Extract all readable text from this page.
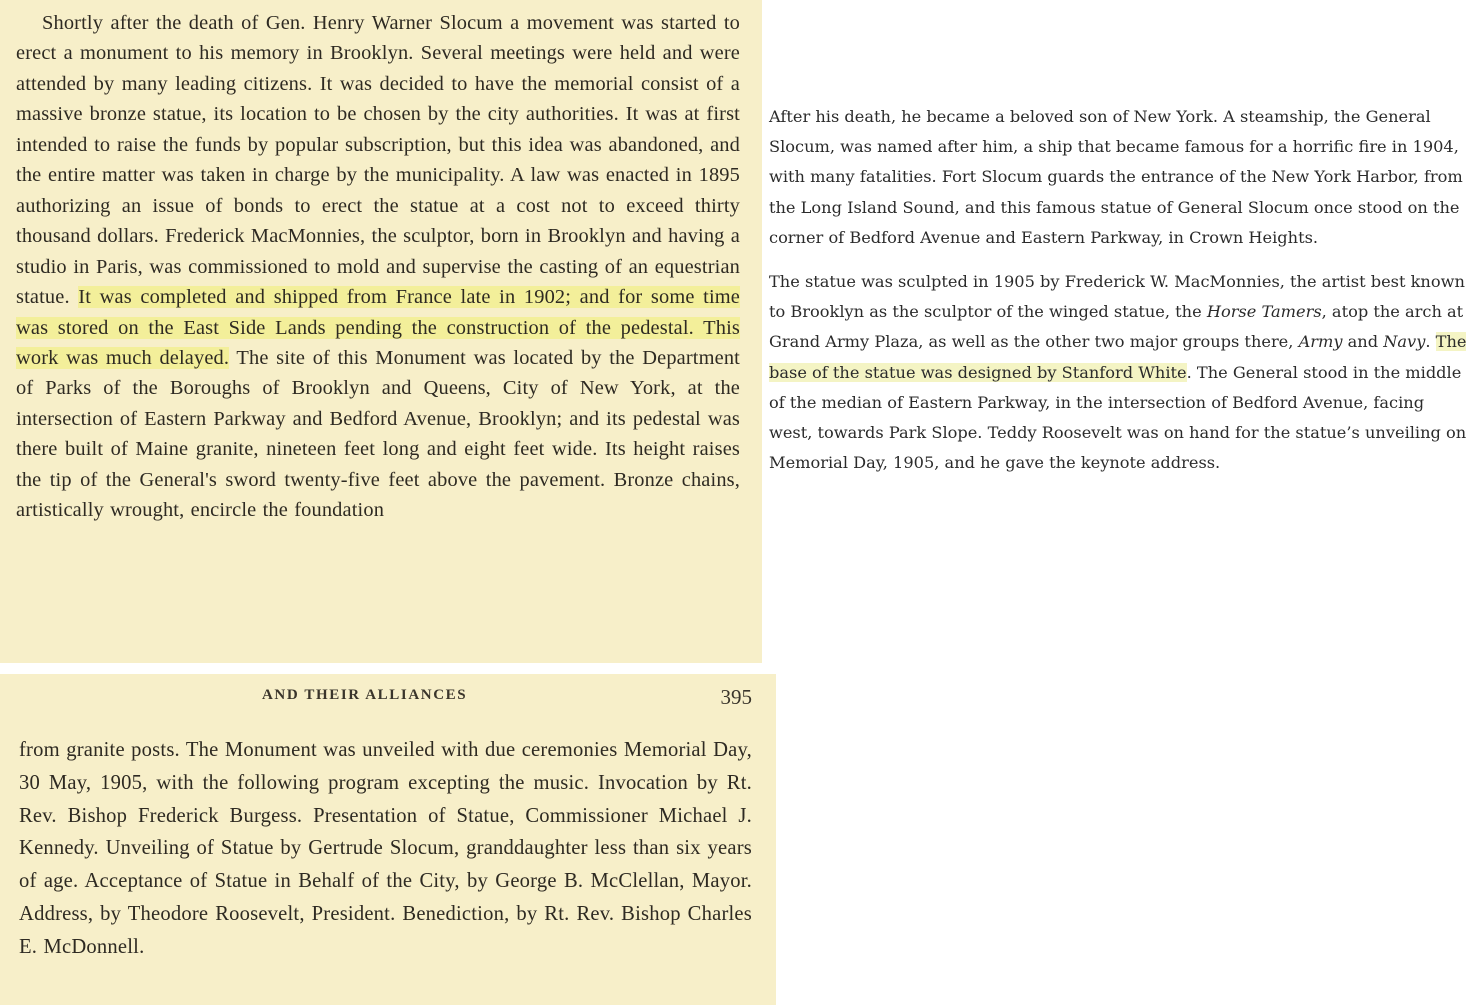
Shortly after the death of Gen. Henry Warner Slocum a movement was started to erect a monument to his memory in Brooklyn. Several meetings were held and were attended by many leading citizens. It was decided to have the memorial consist of a massive bronze statue, its location to be chosen by the city authorities. It was at first intended to raise the funds by popular subscription, but this idea was abandoned, and the entire matter was taken in charge by the municipality. A law was enacted in 1895 authorizing an issue of bonds to erect the statue at a cost not to exceed thirty thousand dollars. Frederick MacMonnies, the sculptor, born in Brooklyn and having a studio in Paris, was commissioned to mold and supervise the casting of an equestrian statue. It was completed and shipped from France late in 1902; and for some time was stored on the East Side Lands pending the construction of the pedestal. This work was much delayed. The site of this Monument was located by the Department of Parks of the Boroughs of Brooklyn and Queens, City of New York, at the intersection of Eastern Parkway and Bedford Avenue, Brooklyn; and its pedestal was there built of Maine granite, nineteen feet long and eight feet wide. Its height raises the tip of the General's sword twenty-five feet above the pavement. Bronze chains, artistically wrought, encircle the foundation

AND THEIR ALLIANCES	395

from granite posts. The Monument was unveiled with due ceremonies Memorial Day, 30 May, 1905, with the following program excepting the music. Invocation by Rt. Rev. Bishop Frederick Burgess. Presentation of Statue, Commissioner Michael J. Kennedy. Unveiling of Statue by Gertrude Slocum, granddaughter less than six years of age. Acceptance of Statue in Behalf of the City, by George B. McClellan, Mayor. Address, by Theodore Roosevelt, President. Benediction, by Rt. Rev. Bishop Charles E. McDonnell.

After his death, he became a beloved son of New York. A steamship, the General Slocum, was named after him, a ship that became famous for a horrific fire in 1904, with many fatalities. Fort Slocum guards the entrance of the New York Harbor, from the Long Island Sound, and this famous statue of General Slocum once stood on the corner of Bedford Avenue and Eastern Parkway, in Crown Heights.

The statue was sculpted in 1905 by Frederick W. MacMonnies, the artist best known to Brooklyn as the sculptor of the winged statue, the Horse Tamers, atop the arch at Grand Army Plaza, as well as the other two major groups there, Army and Navy. The base of the statue was designed by Stanford White. The General stood in the middle of the median of Eastern Parkway, in the intersection of Bedford Avenue, facing west, towards Park Slope. Teddy Roosevelt was on hand for the statue’s unveiling on Memorial Day, 1905, and he gave the keynote address.
